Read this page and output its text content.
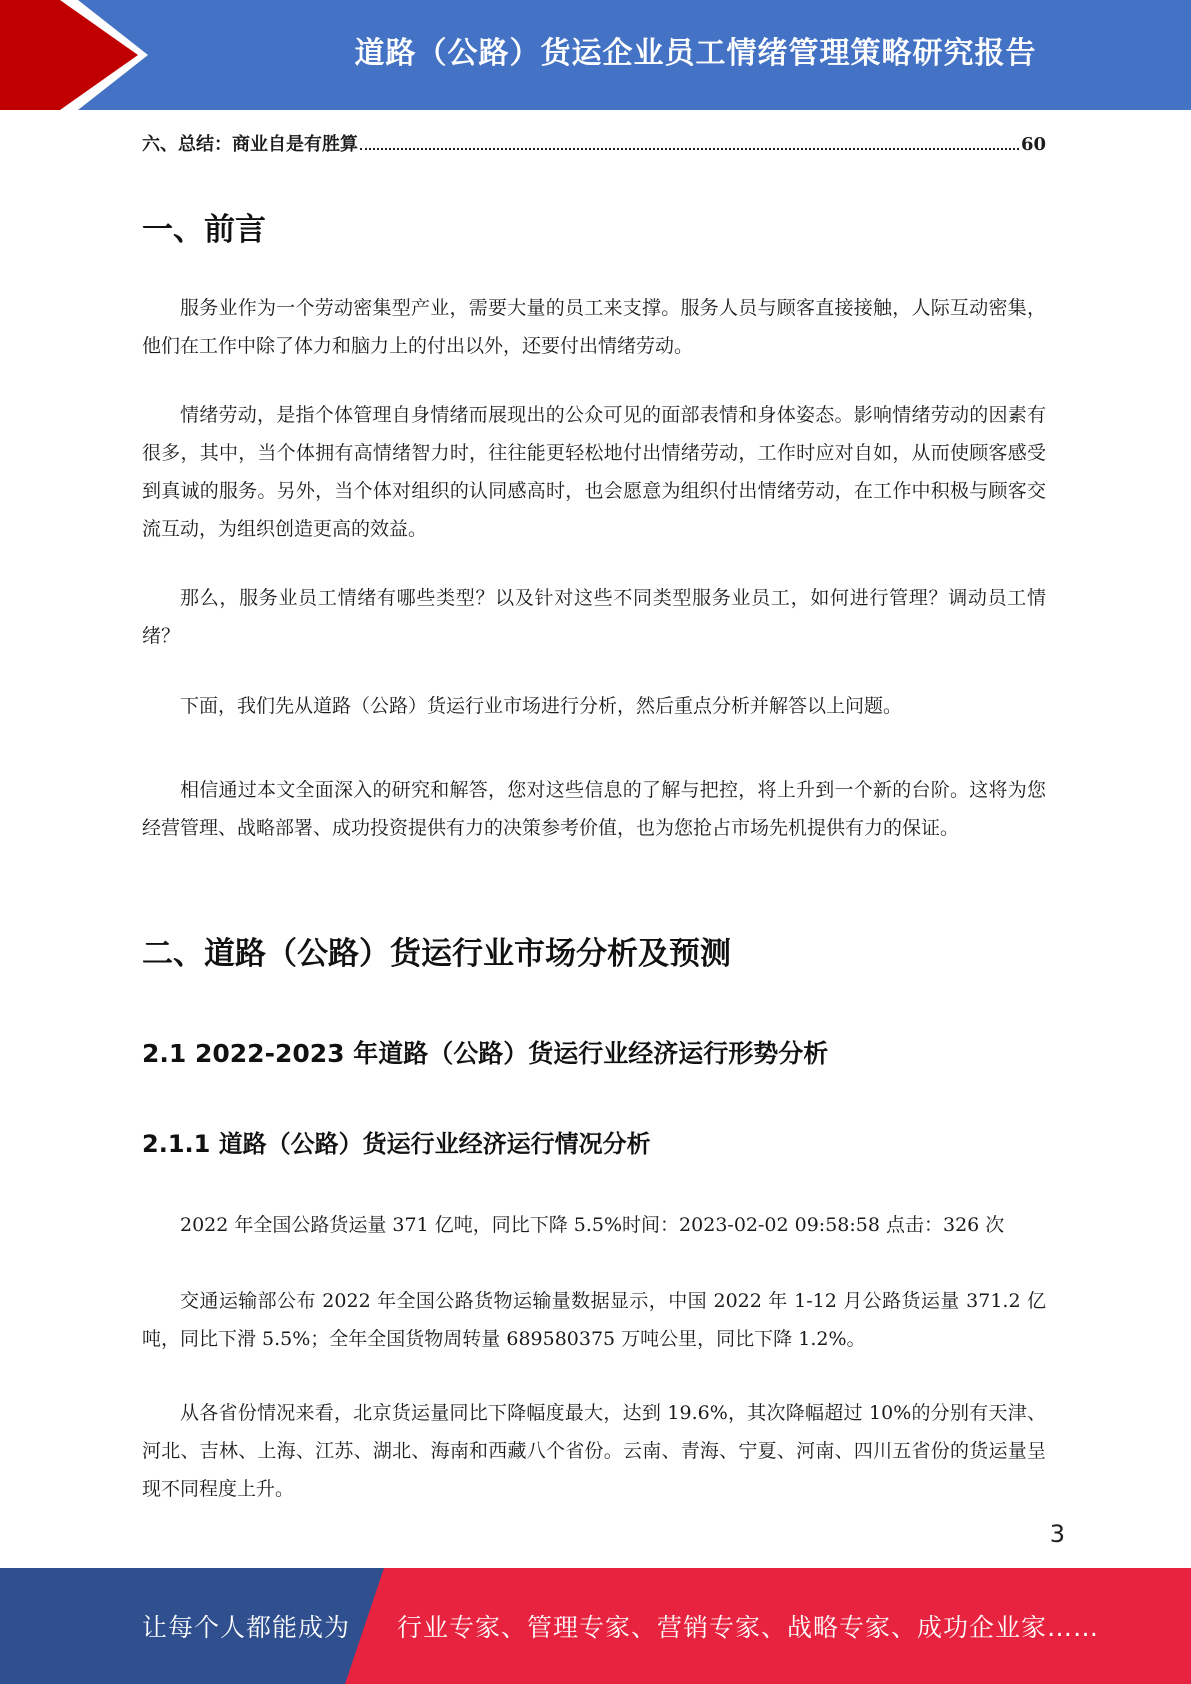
道路（公路）货运企业员工情绪管理策略研究报告
六、总结：商业自是有胜算	60
一、前言

服务业作为一个劳动密集型产业，需要大量的员工来支撑。服务人员与顾客直接接触，人际互动密集，他们在工作中除了体力和脑力上的付出以外，还要付出情绪劳动。

情绪劳动，是指个体管理自身情绪而展现出的公众可见的面部表情和身体姿态。影响情绪劳动的因素有很多，其中，当个体拥有高情绪智力时，往往能更轻松地付出情绪劳动，工作时应对自如，从而使顾客感受到真诚的服务。另外，当个体对组织的认同感高时，也会愿意为组织付出情绪劳动，在工作中积极与顾客交流互动，为组织创造更高的效益。

那么，服务业员工情绪有哪些类型？以及针对这些不同类型服务业员工，如何进行管理？调动员工情绪？

下面，我们先从道路（公路）货运行业市场进行分析，然后重点分析并解答以上问题。

相信通过本文全面深入的研究和解答，您对这些信息的了解与把控，将上升到一个新的台阶。这将为您经营管理、战略部署、成功投资提供有力的决策参考价值，也为您抢占市场先机提供有力的保证。

二、道路（公路）货运行业市场分析及预测
2.1 2022-2023 年道路（公路）货运行业经济运行形势分析
2.1.1 道路（公路）货运行业经济运行情况分析

2022 年全国公路货运量 371 亿吨，同比下降 5.5%时间：2023-02-02 09:58:58 点击：326 次

交通运输部公布 2022 年全国公路货物运输量数据显示，中国 2022 年 1-12 月公路货运量 371.2 亿吨，同比下滑 5.5%；全年全国货物周转量 689580375 万吨公里，同比下降 1.2%。

从各省份情况来看，北京货运量同比下降幅度最大，达到 19.6%，其次降幅超过 10%的分别有天津、河北、吉林、上海、江苏、湖北、海南和西藏八个省份。云南、青海、宁夏、河南、四川五省份的货运量呈现不同程度上升。

3
让每个人都能成为 行业专家、管理专家、营销专家、战略专家、成功企业家……
